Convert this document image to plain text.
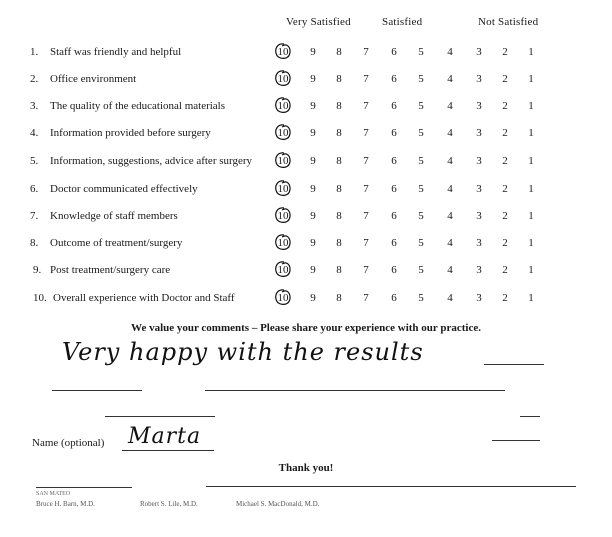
Very Satisfied	Satisfied	Not Satisfied
1.	Staff was friendly and helpful	10	9	8	7	6	5	4	3	2	1
2.	Office environment	10	9	8	7	6	5	4	3	2	1
3.	The quality of the educational materials	10	9	8	7	6	5	4	3	2	1
4.	Information provided before surgery	10	9	8	7	6	5	4	3	2	1
5.	Information, suggestions, advice after surgery	10	9	8	7	6	5	4	3	2	1
6.	Doctor communicated effectively	10	9	8	7	6	5	4	3	2	1
7.	Knowledge of staff members	10	9	8	7	6	5	4	3	2	1
8.	Outcome of treatment/surgery	10	9	8	7	6	5	4	3	2	1
9. Post treatment/surgery care	10	9	8	7	6	5	4	3	2	1
10. Overall experience with Doctor and Staff	10	9	8	7	6	5	4	3	2	1
We value your comments – Please share your experience with our practice.
Very happy with the results
Name (optional) Marta
Thank you!
SAN MATEO
Bruce H. Barn, M.D.	Robert S. Lile, M.D.	Michael S. MacDonald, M.D.
